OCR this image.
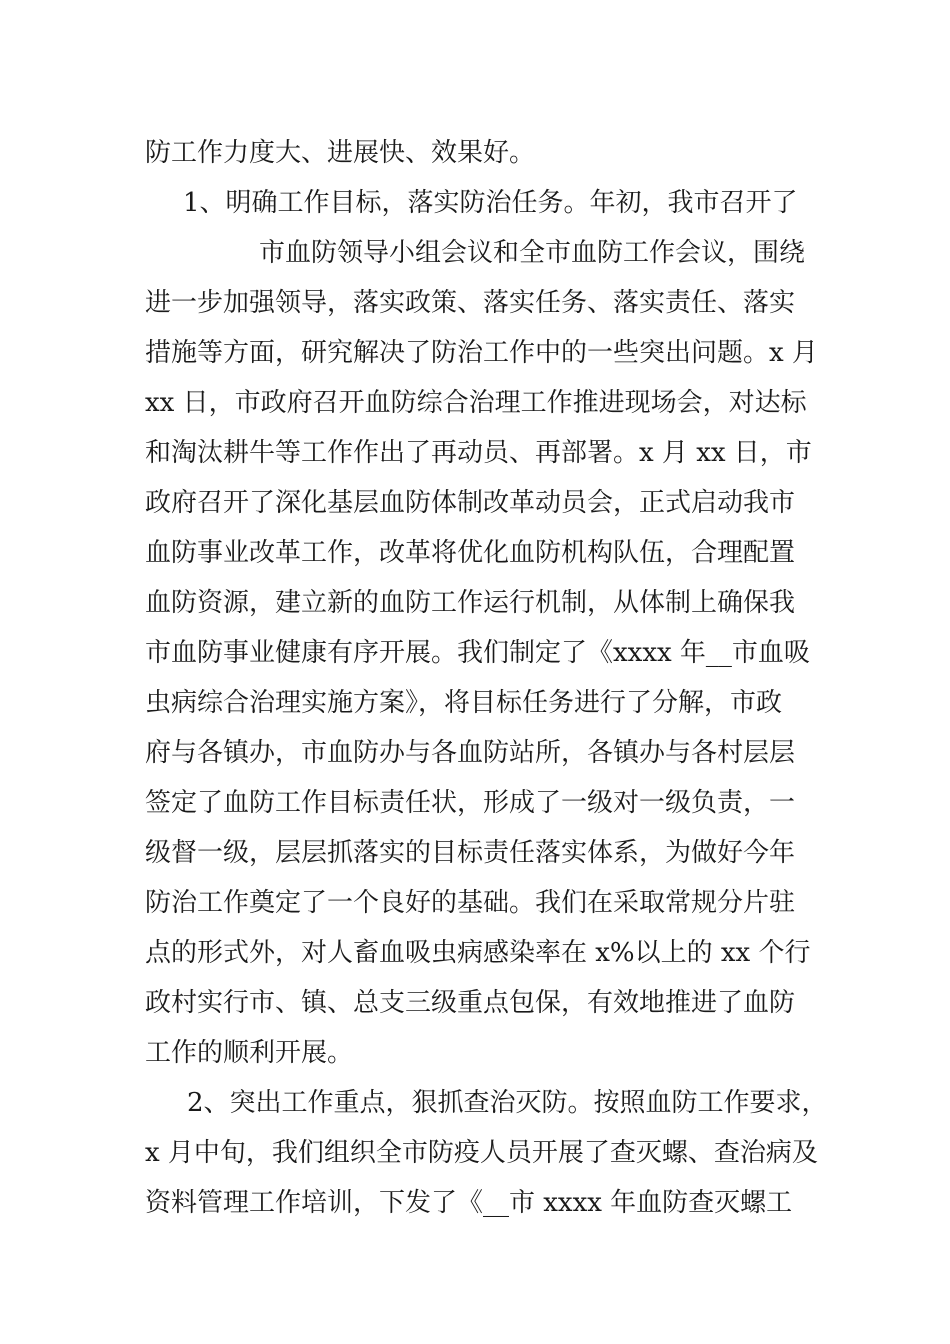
防工作力度大、进展快、效果好。
1、明确工作目标，落实防治任务。年初，我市召开了
市血防领导小组会议和全市血防工作会议，围绕
进一步加强领导，落实政策、落实任务、落实责任、落实
措施等方面，研究解决了防治工作中的一些突出问题。x 月
xx 日，市政府召开血防综合治理工作推进现场会，对达标
和淘汰耕牛等工作作出了再动员、再部署。x 月 xx 日，市
政府召开了深化基层血防体制改革动员会，正式启动我市
血防事业改革工作，改革将优化血防机构队伍，合理配置
血防资源，建立新的血防工作运行机制，从体制上确保我
市血防事业健康有序开展。我们制定了《xxxx 年__市血吸
虫病综合治理实施方案》，将目标任务进行了分解，市政
府与各镇办，市血防办与各血防站所，各镇办与各村层层
签定了血防工作目标责任状，形成了一级对一级负责，一
级督一级，层层抓落实的目标责任落实体系，为做好今年
防治工作奠定了一个良好的基础。我们在采取常规分片驻
点的形式外，对人畜血吸虫病感染率在 x%以上的 xx 个行
政村实行市、镇、总支三级重点包保，有效地推进了血防
工作的顺利开展。
2、突出工作重点，狠抓查治灭防。按照血防工作要求，
x 月中旬，我们组织全市防疫人员开展了查灭螺、查治病及
资料管理工作培训，下发了《__市 xxxx 年血防查灭螺工
